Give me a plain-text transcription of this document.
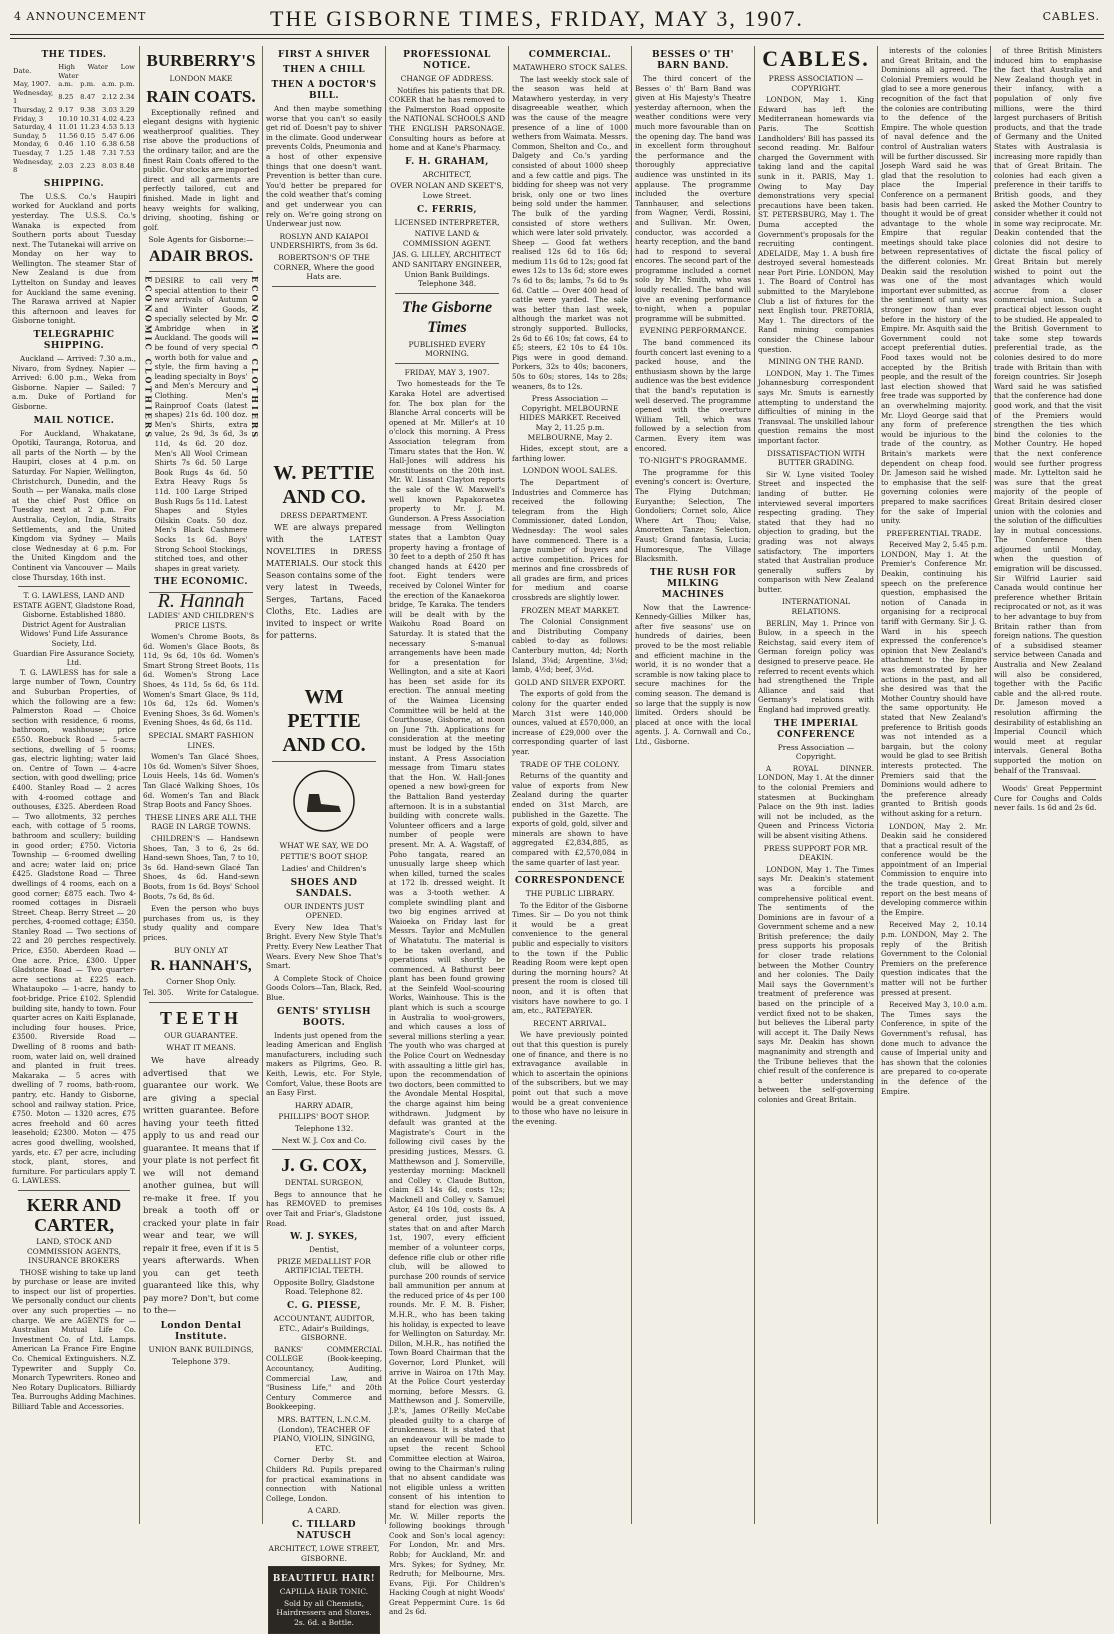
4 ANNOUNCEMENT	THE GISBORNE TIMES, FRIDAY, MAY 3, 1907.	CABLES.
THE TIDES.
Date.	High Water Low Water			
May, 1907.	a.m.	p.m.	a.m.	p.m.
Wednesday, 1	8.25	8.47	2.12	2.34
Thursday, 2	9.17	9.38	3.03	3.29
Friday, 3	10.10	10.31	4.02	4.23
Saturday, 4	11.01	11.23	4.53	5.13
Sunday, 5	11.56	0.15	5.47	6.06
Monday, 6	0.46	1.10	6.38	6.58
Tuesday, 7	1.25	1.48	7.31	7.53
Wednesday, 8	2.03	2.23	8.03	8.48
SHIPPING.

The U.S.S. Co.'s Haupiri worked for Auckland and ports yesterday. The U.S.S. Co.'s Wanaka is expected from Southern ports about Tuesday next. The Tutanekai will arrive on Monday on her way to Wellington. The steamer Star of New Zealand is due from Lyttelton on Sunday and leaves for Auckland the same evening. The Rarawa arrived at Napier this afternoon and leaves for Gisborne tonight.

TELEGRAPHIC SHIPPING.

Auckland — Arrived: 7.30 a.m., Nivaro, from Sydney. Napier — Arrived: 6.00 p.m., Weka from Gisborne. Napier — Sailed: 7 a.m. Duke of Portland for Gisborne.

MAIL NOTICE.

For Auckland, Whakatane, Opotiki, Tauranga, Rotorua, and all parts of the North — by the Haupiri, closes at 4 p.m. on Saturday. For Napier, Wellington, Christchurch, Dunedin, and the South — per Wanaka, mails close at the chief Post Office on Tuesday next at 2 p.m. For Australia, Ceylon, India, Straits Settlements, and the United Kingdom via Sydney — Mails close Wednesday at 6 p.m. For the United Kingdom and the Continent via Vancouver — Mails close Thursday, 16th inst.

T. G. LAWLESS, LAND AND ESTATE AGENT, Gladstone Road, Gisborne. Established 1880.
District Agent for Australian Widows' Fund Life Assurance Society, Ltd.
Guardian Fire Assurance Society, Ltd.

T. G. LAWLESS has for sale a large number of Town, Country and Suburban Properties, of which the following are a few: Palmerston Road — Choice section with residence, 6 rooms, bathroom, washhouse; price £550. Roebuck Road — 5-acre sections, dwelling of 5 rooms; gas, electric lighting; water laid on. Centre of Town — 4-acre section, with good dwelling; price £400. Stanley Road — 2 acres with 4-roomed cottage and outhouses, £325. Aberdeen Road — Two allotments, 32 perches each, with cottage of 5 rooms, bathroom and scullery; building in good order; £750. Victoria Township — 6-roomed dwelling and acre; water laid on; price £425. Gladstone Road — Three dwellings of 4 rooms, each on a good corner; £875 each. Two 4-roomed cottages in Disraeli Street. Cheap. Berry Street — 20 perches, 4-roomed cottage; £350. Stanley Road — Two sections of 22 and 20 perches respectively. Price, £350. Aberdeen Road — One acre. Price, £300. Upper Gladstone Road — Two quarter-acre sections at £225 each. Whataupoko — 1-acre, handy to foot-bridge. Price £102. Splendid building site, handy to town. Four quarter acres on Kaiti Esplanade, including four houses. Price, £3500. Riverside Road — Dwelling of 8 rooms and bath-room, water laid on, well drained and planted in fruit trees. Makaraka — 5 acres with dwelling of 7 rooms, bath-room, pantry, etc. Handy to Gisborne, school and railway station. Price, £750. Moton — 1320 acres, £75 acres freehold and 60 acres leasehold; £2300. Moton — 475 acres good dwelling, woolshed, yards, etc. £7 per acre, including stock, plant, stores, and furniture. For particulars apply T. G. LAWLESS.

KERR AND CARTER,
LAND, STOCK AND COMMISSION AGENTS, INSURANCE BROKERS

THOSE wishing to take up land by purchase or lease are invited to inspect our list of properties. We personally conduct our clients over any such properties — no charge. We are AGENTS for — Australian Mutual Life Co. Investment Co. of Ltd. Lamps. American La France Fire Engine Co. Chemical Extinguishers. N.Z. Typewriter and Supply Co. Monarch Typewriters. Roneo and Neo Rotary Duplicators. Billiardy Tea. Burroughs Adding Machines. Billiard Table and Accessories.

BURBERRY'S
LONDON MAKE
RAIN COATS.

Exceptionally refined and elegant designs with hygienic weatherproof qualities. They rise above the productions of the ordinary tailor, and are the finest Rain Coats offered to the public. Our stocks are imported direct and all garments are perfectly tailored, cut and finished. Made in light and heavy weights for walking, driving, shooting, fishing or golf.

Sole Agents for Gisborne:—
ADAIR BROS.
ECONOMIC CLOTHIERS DESIRE to call very special attention to their new arrivals of Autumn and Winter Goods, specially selected by Mr. Ambridge when in Auckland. The goods will be found of very special worth both for value and style, the firm having a leading specialty in Boys' and Men's Mercury and Clothing. Men's Rainproof Coats (latest shapes) 21s 6d. 100 doz. Men's Shirts, extra value, 2s 9d, 3s 6d, 3s 11d, 4s 6d. 20 doz. Men's All Wool Crimean Shirts 7s 6d. 50 Large Book Rugs 4s 6d. 50 Extra Heavy Rugs 5s 11d. 100 Large Striped Bush Rugs 5s 11d. Latest Shapes and Styles Oilskin Coats. 50 doz. Men's Black Cashmere Socks 1s 6d. Boys' Strong School Stockings, stitched toes, and other shapes in great variety.
ECONOMIC CLOTHIERS
THE ECONOMIC.
R. Hannah
LADIES' AND CHILDREN'S PRICE LISTS.

Women's Chrome Boots, 8s 6d. Women's Glace Boots, 8s 11d, 9s 6d, 10s 6d. Women's Smart Strong Street Boots, 11s 6d. Women's Strong Lace Shoes, 4s 11d, 5s 6d, 6s 11d. Women's Smart Glace, 9s 11d, 10s 6d, 12s 6d. Women's Evening Shoes, 3s 6d. Women's Evening Shoes, 4s 6d, 6s 11d.

SPECIAL SMART FASHION LINES.

Women's Tan Glacé Shoes, 10s 6d. Women's Silver Shoes, Louis Heels, 14s 6d. Women's Tan Glacé Walking Shoes, 10s 6d. Women's Tan and Black Strap Boots and Fancy Shoes.

THESE LINES ARE ALL THE RAGE IN LARGE TOWNS.

CHILDREN'S — Handsewn Shoes, Tan, 3 to 6, 2s 6d. Hand-sewn Shoes, Tan, 7 to 10, 3s 6d. Hand-sewn Glacé Tan Shoes, 4s 6d. Hand-sewn Boots, from 1s 6d. Boys' School Boots, 7s 6d, 8s 6d.

Even the person who buys purchases from us, is they study quality and compare prices.

BUY ONLY AT
R. HANNAH'S,
Corner Shop Only.
Tel. 305. Write for Catalogue.
TEETH
OUR GUARANTEE.
WHAT IT MEANS.

We have already advertised that we guarantee our work. We are giving a special written guarantee. Before having your teeth fitted apply to us and read our guarantee. It means that if your plate is not perfect fit we will not demand another guinea, but will re-make it free. If you break a tooth off or cracked your plate in fair wear and tear, we will repair it free, even if it is 5 years afterwards. When you can get teeth guaranteed like this, why pay more? Don't, but come to the—

London Dental Institute.
UNION BANK BUILDINGS,
Telephone 379.
FIRST A SHIVER
THEN A CHILL
THEN A DOCTOR'S BILL.

And then maybe something worse that you can't so easily get rid of. Doesn't pay to shiver in the climate. Good underwear prevents Colds, Pneumonia and a host of other expensive things that one doesn't want. Prevention is better than cure. You'd better be prepared for the cold weather that's coming and get underwear you can rely on. We're going strong on Underwear just now.

ROSLYN AND KAIAPOI UNDERSHIRTS, from 3s 6d.
ROBERTSON'S OF THE CORNER, Where the good Hats are.
W. PETTIE AND CO.
DRESS DEPARTMENT.

WE are always prepared with the LATEST NOVELTIES in DRESS MATERIALS. Our stock this Season contains some of the very latest in Tweeds, Serges, Tartans, Faced Cloths, Etc. Ladies are invited to inspect or write for patterns.

WM PETTIE AND CO.
WHAT WE SAY, WE DO
PETTIE'S BOOT SHOP.
Ladies' and Children's
SHOES AND SANDALS.
OUR INDENTS JUST OPENED.

Every New Idea That's Bright. Every New Style That's Pretty. Every New Leather That Wears. Every New Shoe That's Smart.

A Complete Stock of Choice Goods Colors—Tan, Black, Red, Blue.

GENTS' STYLISH BOOTS.

Indents just opened from the leading American and English manufacturers, including such makers as Pilgrims, Geo. R. Keith, Lewis, etc. For Style, Comfort, Value, these Boots are an Easy First.

HARRY ADAIR,
PHILLIPS' BOOT SHOP.
Telephone 132.
Next W. J. Cox and Co.
J. G. COX,
DENTAL SURGEON,

Begs to announce that he has REMOVED to premises over Tait and Friar's, Gladstone Road.

W. J. SYKES,
Dentist,
PRIZE MEDALLIST FOR ARTIFICIAL TEETH.
Opposite Bollry, Gladstone Road. Telephone 82.
C. G. PIESSE,
ACCOUNTANT, AUDITOR, ETC., Adair's Buildings, GISBORNE.

BANKS' COMMERCIAL COLLEGE (Book-keeping, Accountancy, Auditing, Commercial Law, and "Business Life," and 20th Century Commerce and Bookkeeping.

MRS. BATTEN, L.N.C.M. (London), TEACHER OF PIANO, VIOLIN, SINGING, ETC.

Corner Derby St. and Childers Rd. Pupils prepared for practical examinations in connection with National College, London.

A CARD.
C. TILLARD NATUSCH
ARCHITECT, LOWE STREET, GISBORNE.
BEAUTIFUL HAIR!
CAPILLA HAIR TONIC.
Sold by all Chemists, Hairdressers and Stores. 2s. 6d. a Bottle.
PROFESSIONAL NOTICE.
CHANGE OF ADDRESS.

Notifies his patients that DR. COKER that he has removed to the Palmerston Road opposite the NATIONAL SCHOOLS AND THE ENGLISH PARSONAGE. Consulting hours as before at home and at Kane's Pharmacy.

F. H. GRAHAM,
ARCHITECT,
OVER NOLAN AND SKEET'S, Lowe Street.
C. FERRIS,
LICENSED INTERPRETER,
NATIVE LAND & COMMISSION AGENT.
JAS. G. LILLEY, ARCHITECT AND SANITARY ENGINEER, Union Bank Buildings. Telephone 348.
The Gisborne Times
PUBLISHED EVERY MORNING.
FRIDAY, MAY 3, 1907.

Two homesteads for the Te Karaka Hotel are advertised for. The box plan for the Blanche Arral concerts will be opened at Mr. Miller's at 10 o'clock this morning. A Press Association telegram from Timaru states that the Hon. W. Hall-Jones will address his constituents on the 20th inst. Mr. W. Lissant Clayton reports the sale of the W. Maxwell's well known Papakoraetea property to Mr. J. M. Gunderson. A Press Association message from Wellington states that a Lambton Quay property having a frontage of 30 feet to a depth of 250 ft has changed hands at £420 per foot. Eight tenders were received by Colonel Winter for the erection of the Kanaekoroa bridge, Te Karaka. The tenders will be dealt with by the Waikohu Road Board on Saturday. It is stated that the necessary S-manual arrangements have been made for a presentation for Wellington, and a site at Kaori has been set aside for its erection. The annual meeting of the Waimea Licensing Committee will be held at the Courthouse, Gisborne, at noon on June 7th. Applications for consideration at the meeting must be lodged by the 15th instant. A Press Association message from Timaru states that the Hon. W. Hall-Jones opened a new bowl-green for the Battalion Band yesterday afternoon. It is in a substantial building with concrete walls. Volunteer officers and a large number of people were present. Mr. A. A. Wagstaff, of Poho tangata, reared an unusually large sheep which when killed, turned the scales at 172 lb. dressed weight. It was a 3-tooth wether. A complete swindling plant and two big engines arrived at Waioeka on Friday last for Messrs. Taylor and McMullen of Whatatutu. The material is to be taken overland, and operations will shortly be commenced. A Bathurst beer plant has been found growing at the Seinfeld Wool-scouring Works, Wainhouse. This is the plant which is such a scourge in Australia to wool-growers, and which causes a loss of several millions sterling a year. The youth who was charged at the Police Court on Wednesday with assaulting a little girl has, upon the recommendation of two doctors, been committed to the Avondale Mental Hospital, the charge against him being withdrawn. Judgment by default was granted at the Magistrate's Court in the following civil cases by the presiding justices, Messrs. G. Matthewson and J. Somerville, yesterday morning: Macknell and Colley v. Claude Button, claim £3 14s 6d, costs 12s; Macknell and Colley v. Samuel Astor, £4 10s 10d, costs 8s. A general order, just issued, states that on and after March 1st, 1907, every efficient member of a volunteer corps, defence rifle club or other rifle club, will be allowed to purchase 200 rounds of service ball ammunition per annum at the reduced price of 4s per 100 rounds. Mr. F. M. B. Fisher, M.H.R., who has been taking his holiday, is expected to leave for Wellington on Saturday. Mr. Dillon, M.H.R., has notified the Town Board Chairman that the Governor, Lord Plunket, will arrive in Wairoa on 17th May. At the Police Court yesterday morning, before Messrs. G. Matthewson and J. Somerville, J.P.'s, James O'Reilly McCabe pleaded guilty to a charge of drunkenness. It is stated that an endeavour will be made to upset the recent School Committee election at Wairoa, owing to the Chairman's ruling that no absent candidate was not eligible unless a written consent of his intention to stand for election was given. Mr. W. Miller reports the following bookings through Cook and Son's local agency: For London, Mr. and Mrs. Robb; for Auckland, Mr. and Mrs. Sykes; for Sydney, Mr. Redruth; for Melbourne, Mrs. Evans, Fiji. For Children's Hacking Cough at night Woods' Great Peppermint Cure. 1s 6d and 2s 6d.

COMMERCIAL.
MATAWHERO STOCK SALES.

The last weekly stock sale of the season was held at Matawhero yesterday, in very disagreeable weather, which was the cause of the meagre presence of a line of 1000 wethers from Waimata. Messrs. Common, Shelton and Co., and Dalgety and Co.'s yarding consisted of about 1000 sheep and a few cattle and pigs. The bidding for sheep was not very brisk, only one or two lines being sold under the hammer. The bulk of the yarding consisted of store wethers which were later sold privately. Sheep — Good fat wethers realised 12s 6d to 16s 6d; medium 11s 6d to 12s; good fat ewes 12s to 13s 6d; store ewes 7s 6d to 8s; lambs, 7s 6d to 9s 6d. Cattle — Over 400 head of cattle were yarded. The sale was better than last week, although the market was not strongly supported. Bullocks, 2s 6d to £6 10s; fat cows, £4 to £5; steers, £2 10s to £4 10s. Pigs were in good demand. Porkers, 32s to 40s; baconers, 50s to 60s; stores, 14s to 28s; weaners, 8s to 12s.

Press Association — Copyright. MELBOURNE HIDES MARKET. Received May 2, 11.25 p.m. MELBOURNE, May 2.

Hides, except stout, are a farthing lower.

LONDON WOOL SALES.

The Department of Industries and Commerce has received the following telegram from the High Commissioner, dated London, Wednesday: The wool sales have commenced. There is a large number of buyers and active competition. Prices for merinos and fine crossbreds of all grades are firm, and prices for medium and coarse crossbreds are slightly lower.

FROZEN MEAT MARKET.

The Colonial Consignment and Distributing Company cabled to-day as follows: Canterbury mutton, 4d; North Island, 3⅝d; Argentine, 3⅛d; lamb, 4½d; beef, 3½d.

GOLD AND SILVER EXPORT.

The exports of gold from the colony for the quarter ended March 31st were 140,000 ounces, valued at £570,000, an increase of £29,000 over the corresponding quarter of last year.

TRADE OF THE COLONY.

Returns of the quantity and value of exports from New Zealand during the quarter ended on 31st March, are published in the Gazette. The exports of gold, gold, silver and minerals are shown to have aggregated £2,834,885, as compared with £2,570,084 in the same quarter of last year.

CORRESPONDENCE
THE PUBLIC LIBRARY.

To the Editor of the Gisborne Times. Sir — Do you not think it would be a great convenience to the general public and especially to visitors to the town if the Public Reading Room were kept open during the morning hours? At present the room is closed till noon, and it is often that visitors have nowhere to go. I am, etc., RATEPAYER.

RECENT ARRIVAL.

We have previously pointed out that this question is purely one of finance, and there is no extravagance available in which to ascertain the opinions of the subscribers, but we may point out that such a move would be a great convenience to those who have no leisure in the evening.

BESSES O' TH' BARN BAND.

The third concert of the Besses o' th' Barn Band was given at His Majesty's Theatre yesterday afternoon, when the weather conditions were very much more favourable than on the opening day. The band was in excellent form throughout the performance and the thoroughly appreciative audience was unstinted in its applause. The programme included the overture Tannhauser, and selections from Wagner, Verdi, Rossini, and Sullivan. Mr. Owen, conductor, was accorded a hearty reception, and the band had to respond to several encores. The second part of the programme included a cornet solo by Mr. Smith, who was loudly recalled. The band will give an evening performance to-night, when a popular programme will be submitted.

EVENING PERFORMANCE.

The band commenced its fourth concert last evening to a packed house, and the enthusiasm shown by the large audience was the best evidence that the band's reputation is well deserved. The programme opened with the overture William Tell, which was followed by a selection from Carmen. Every item was encored.

TO-NIGHT'S PROGRAMME.

The programme for this evening's concert is: Overture, The Flying Dutchman; Euryanthe; Selection, The Gondoliers; Cornet solo, Alice Where Art Thou; Valse, Amoretten Tanze; Selection, Faust; Grand fantasia, Lucia; Humoresque, The Village Blacksmith.

THE RUSH FOR MILKING MACHINES

Now that the Lawrence-Kennedy-Gillies Milker has, after five seasons' use on hundreds of dairies, been proved to be the most reliable and efficient machine in the world, it is no wonder that a scramble is now taking place to secure machines for the coming season. The demand is so large that the supply is now limited. Orders should be placed at once with the local agents. J. A. Cornwall and Co., Ltd., Gisborne.

CABLES.
PRESS ASSOCIATION — COPYRIGHT.

LONDON, May 1. King Edward has left the Mediterranean homewards via Paris. The Scottish Landholders' Bill has passed its second reading. Mr. Balfour charged the Government with taking land and the capital sunk in it. PARIS, May 1. Owing to May Day demonstrations very special precautions have been taken. ST. PETERSBURG, May 1. The Duma accepted the Government's proposals for the recruiting contingent. ADELAIDE, May 1. A bush fire destroyed several homesteads near Port Pirie. LONDON, May 1. The Board of Control has submitted to the Marylebone Club a list of fixtures for the next English tour. PRETORIA, May 1. The directors of the Rand mining companies consider the Chinese labour question.

MINING ON THE RAND.

LONDON, May 1. The Times Johannesburg correspondent says Mr. Smuts is earnestly attempting to understand the difficulties of mining in the Transvaal. The unskilled labour question remains the most important factor.

DISSATISFACTION WITH BUTTER GRADING.

Sir W. Lyne visited Tooley Street and inspected the landing of butter. He interviewed several importers respecting grading. They stated that they had no objection to grading, but the grading was not always satisfactory. The importers stated that Australian produce generally suffers by comparison with New Zealand butter.

INTERNATIONAL RELATIONS.

BERLIN, May 1. Prince von Bulow, in a speech in the Reichstag, said every item of German foreign policy was designed to preserve peace. He referred to recent events which had strengthened the Triple Alliance and said that Germany's relations with England had improved greatly.

THE IMPERIAL CONFERENCE
Press Association — Copyright.

A ROYAL DINNER. LONDON, May 1. At the dinner to the colonial Premiers and statesmen at Buckingham Palace on the 9th inst. ladies will not be included, as the Queen and Princess Victoria will be absent visiting Athens.

PRESS SUPPORT FOR MR. DEAKIN.

LONDON, May 1. The Times says Mr. Deakin's statement was a forcible and comprehensive political event. The sentiments of the Dominions are in favour of a Government scheme and a new British preference; the daily press supports his proposals for closer trade relations between the Mother Country and her colonies. The Daily Mail says the Government's treatment of preference was based on the principle of a verdict fixed not to be shaken, but believes the Liberal party will accept it. The Daily News says Mr. Deakin has shown magnanimity and strength and the Tribune believes that the chief result of the conference is a better understanding between the self-governing colonies and Great Britain.

interests of the colonies and Great Britain, and the Dominions all agreed. The Colonial Premiers would be glad to see a more generous recognition of the fact that the colonies are contributing to the defence of the Empire. The whole question of naval defence and the control of Australian waters will be further discussed. Sir Joseph Ward said he was glad that the resolution to place the Imperial Conference on a permanent basis had been carried. He thought it would be of great advantage to the whole Empire that regular meetings should take place between representatives of the different colonies. Mr. Deakin said the resolution was one of the most important ever submitted, as the sentiment of unity was stronger now than ever before in the history of the Empire. Mr. Asquith said the Government could not accept preferential duties. Food taxes would not be accepted by the British people, and the result of the last election showed that free trade was supported by an overwhelming majority. Mr. Lloyd George said that any form of preference would be injurious to the trade of the country, as Britain's markets were dependent on cheap food. Dr. Jameson said he wished to emphasise that the self-governing colonies were prepared to make sacrifices for the sake of Imperial unity.

PREFERENTIAL TRADE.

Received May 2, 5.45 p.m. LONDON, May 1. At the Premier's Conference Mr. Deakin, continuing his speech on the preference question, emphasised the notion of Canada in organising for a reciprocal tariff with Germany. Sir J. G. Ward in his speech expressed the conference's opinion that New Zealand's attachment to the Empire was demonstrated by her actions in the past, and all she desired was that the Mother Country should have the same opportunity. He stated that New Zealand's preference to British goods was not intended as a bargain, but the colony would be glad to see British interests protected. The Premiers said that the Dominions would adhere to the preference already granted to British goods without asking for a return.

LONDON, May 2. Mr. Deakin said he considered that a practical result of the conference would be the appointment of an Imperial Commission to enquire into the trade question, and to report on the best means of developing commerce within the Empire.

Received May 2, 10.14 p.m. LONDON, May 2. The reply of the British Government to the Colonial Premiers on the preference question indicates that the matter will not be further pressed at present.

Received May 3, 10.0 a.m. The Times says the Conference, in spite of the Government's refusal, has done much to advance the cause of Imperial unity and has shown that the colonies are prepared to co-operate in the defence of the Empire.

of three British Ministers induced him to emphasise the fact that Australia and New Zealand though yet in their infancy, with a population of only five millions, were the third largest purchasers of British products, and that the trade of Germany and the United States with Australasia is increasing more rapidly than that of Great Britain. The colonies had each given a preference in their tariffs to British goods, and they asked the Mother Country to consider whether it could not in some way reciprocate. Mr. Deakin contended that the colonies did not desire to dictate the fiscal policy of Great Britain but merely wished to point out the advantages which would accrue from a closer commercial union. Such a practical object lesson ought to be studied. He appealed to the British Government to take some step towards preferential trade, as the colonies desired to do more trade with Britain than with foreign countries. Sir Joseph Ward said he was satisfied that the conference had done good work, and that the visit of the Premiers would strengthen the ties which bind the colonies to the Mother Country. He hoped that the next conference would see further progress made. Mr. Lyttelton said he was sure that the great majority of the people of Great Britain desired closer union with the colonies and the solution of the difficulties lay in mutual concessions. The Conference then adjourned until Monday, when the question of emigration will be discussed. Sir Wilfrid Laurier said Canada would continue her preference whether Britain reciprocated or not, as it was to her advantage to buy from Britain rather than from foreign nations. The question of a subsidised steamer service between Canada and Australia and New Zealand will also be considered, together with the Pacific cable and the all-red route. Dr. Jameson moved a resolution affirming the desirability of establishing an Imperial Council which would meet at regular intervals. General Botha supported the motion on behalf of the Transvaal.

Woods' Great Peppermint Cure for Coughs and Colds never fails. 1s 6d and 2s 6d.
